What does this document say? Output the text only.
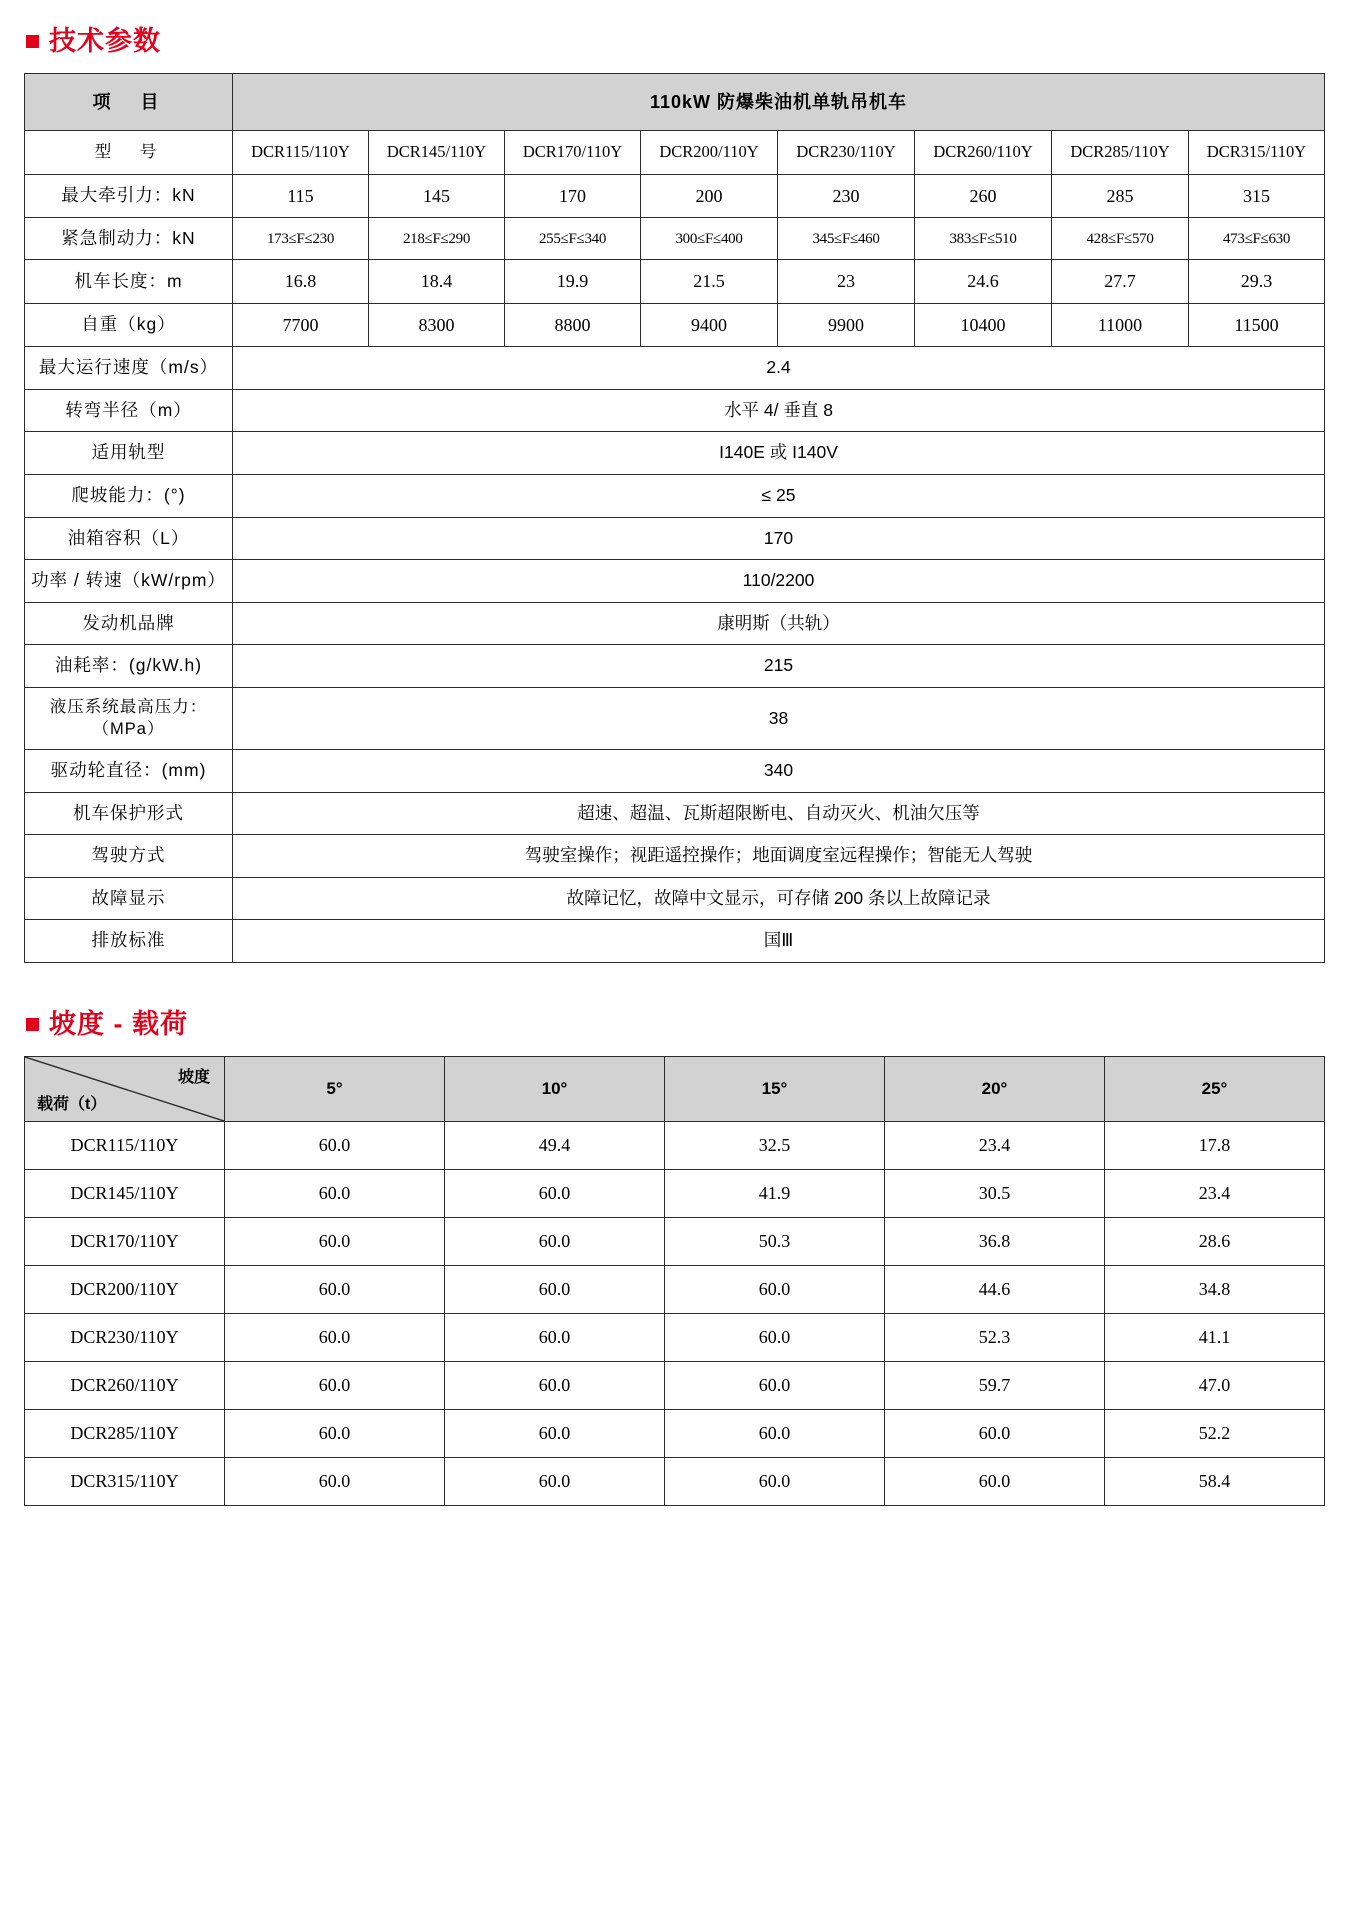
技术参数
项　目	110kW 防爆柴油机单轨吊机车							
型　号	DCR115/110Y	DCR145/110Y	DCR170/110Y	DCR200/110Y	DCR230/110Y	DCR260/110Y	DCR285/110Y	DCR315/110Y
最大牵引力：kN	115	145	170	200	230	260	285	315
紧急制动力：kN	173≤F≤230	218≤F≤290	255≤F≤340	300≤F≤400	345≤F≤460	383≤F≤510	428≤F≤570	473≤F≤630
机车长度：m	16.8	18.4	19.9	21.5	23	24.6	27.7	29.3
自重（kg）	7700	8300	8800	9400	9900	10400	11000	11500
最大运行速度（m/s）	2.4							
转弯半径（m）	水平 4/ 垂直 8							
适用轨型	I140E 或 I140V							
爬坡能力：(°)	≤ 25							
油箱容积（L）	170							
功率 / 转速（kW/rpm）	110/2200							
发动机品牌	康明斯（共轨）							
油耗率：(g/kW.h)	215							
液压系统最高压力：
（MPa）	38							
驱动轮直径：(mm)	340							
机车保护形式	超速、超温、瓦斯超限断电、自动灭火、机油欠压等							
驾驶方式	驾驶室操作；视距遥控操作；地面调度室远程操作；智能无人驾驶							
故障显示	故障记忆，故障中文显示，可存储 200 条以上故障记录							
排放标准	国Ⅲ							
坡度 - 载荷
坡度
载荷（t）	5°	10°	15°	20°	25°
DCR115/110Y	60.0	49.4	32.5	23.4	17.8
DCR145/110Y	60.0	60.0	41.9	30.5	23.4
DCR170/110Y	60.0	60.0	50.3	36.8	28.6
DCR200/110Y	60.0	60.0	60.0	44.6	34.8
DCR230/110Y	60.0	60.0	60.0	52.3	41.1
DCR260/110Y	60.0	60.0	60.0	59.7	47.0
DCR285/110Y	60.0	60.0	60.0	60.0	52.2
DCR315/110Y	60.0	60.0	60.0	60.0	58.4
